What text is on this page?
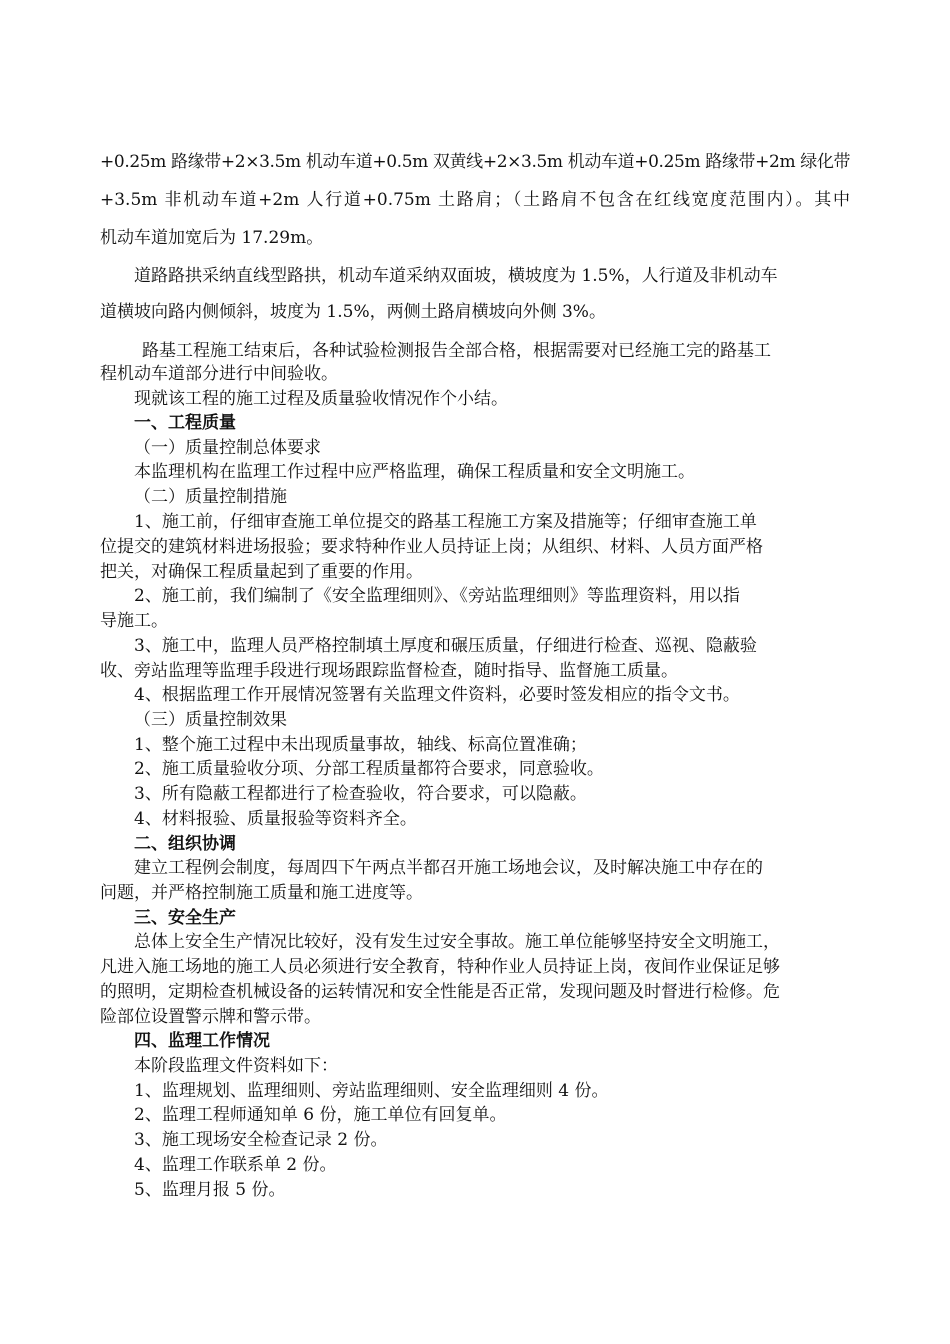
+0.25m 路缘带+2×3.5m 机动车道+0.5m 双黄线+2×3.5m 机动车道+0.25m 路缘带+2m 绿化带
+3.5m 非机动车道+2m 人行道+0.75m 土路肩；（土路肩不包含在红线宽度范围内）。其中
机动车道加宽后为 17.29m。
道路路拱采纳直线型路拱，机动车道采纳双面坡，横坡度为 1.5%，人行道及非机动车
道横坡向路内侧倾斜，坡度为 1.5%，两侧土路肩横坡向外侧 3%。
路基工程施工结束后，各种试验检测报告全部合格，根据需要对已经施工完的路基工
程机动车道部分进行中间验收。
现就该工程的施工过程及质量验收情况作个小结。
一、工程质量
（一）质量控制总体要求
本监理机构在监理工作过程中应严格监理，确保工程质量和安全文明施工。
（二）质量控制措施
1、施工前，仔细审查施工单位提交的路基工程施工方案及措施等；仔细审查施工单
位提交的建筑材料进场报验；要求特种作业人员持证上岗；从组织、材料、人员方面严格
把关，对确保工程质量起到了重要的作用。
2、施工前，我们编制了《安全监理细则》、《旁站监理细则》等监理资料，用以指
导施工。
3、施工中，监理人员严格控制填土厚度和碾压质量，仔细进行检查、巡视、隐蔽验
收、旁站监理等监理手段进行现场跟踪监督检查，随时指导、监督施工质量。
4、根据监理工作开展情况签署有关监理文件资料，必要时签发相应的指令文书。
（三）质量控制效果
1、整个施工过程中未出现质量事故，轴线、标高位置准确；
2、施工质量验收分项、分部工程质量都符合要求，同意验收。
3、所有隐蔽工程都进行了检查验收，符合要求，可以隐蔽。
4、材料报验、质量报验等资料齐全。
二、组织协调
建立工程例会制度，每周四下午两点半都召开施工场地会议，及时解决施工中存在的
问题，并严格控制施工质量和施工进度等。
三、安全生产
总体上安全生产情况比较好，没有发生过安全事故。施工单位能够坚持安全文明施工，
凡进入施工场地的施工人员必须进行安全教育，特种作业人员持证上岗，夜间作业保证足够
的照明，定期检查机械设备的运转情况和安全性能是否正常，发现问题及时督进行检修。危
险部位设置警示牌和警示带。
四、监理工作情况
本阶段监理文件资料如下：
1、监理规划、监理细则、旁站监理细则、安全监理细则 4 份。
2、监理工程师通知单 6 份，施工单位有回复单。
3、施工现场安全检查记录 2 份。
4、监理工作联系单 2 份。
5、监理月报 5 份。
